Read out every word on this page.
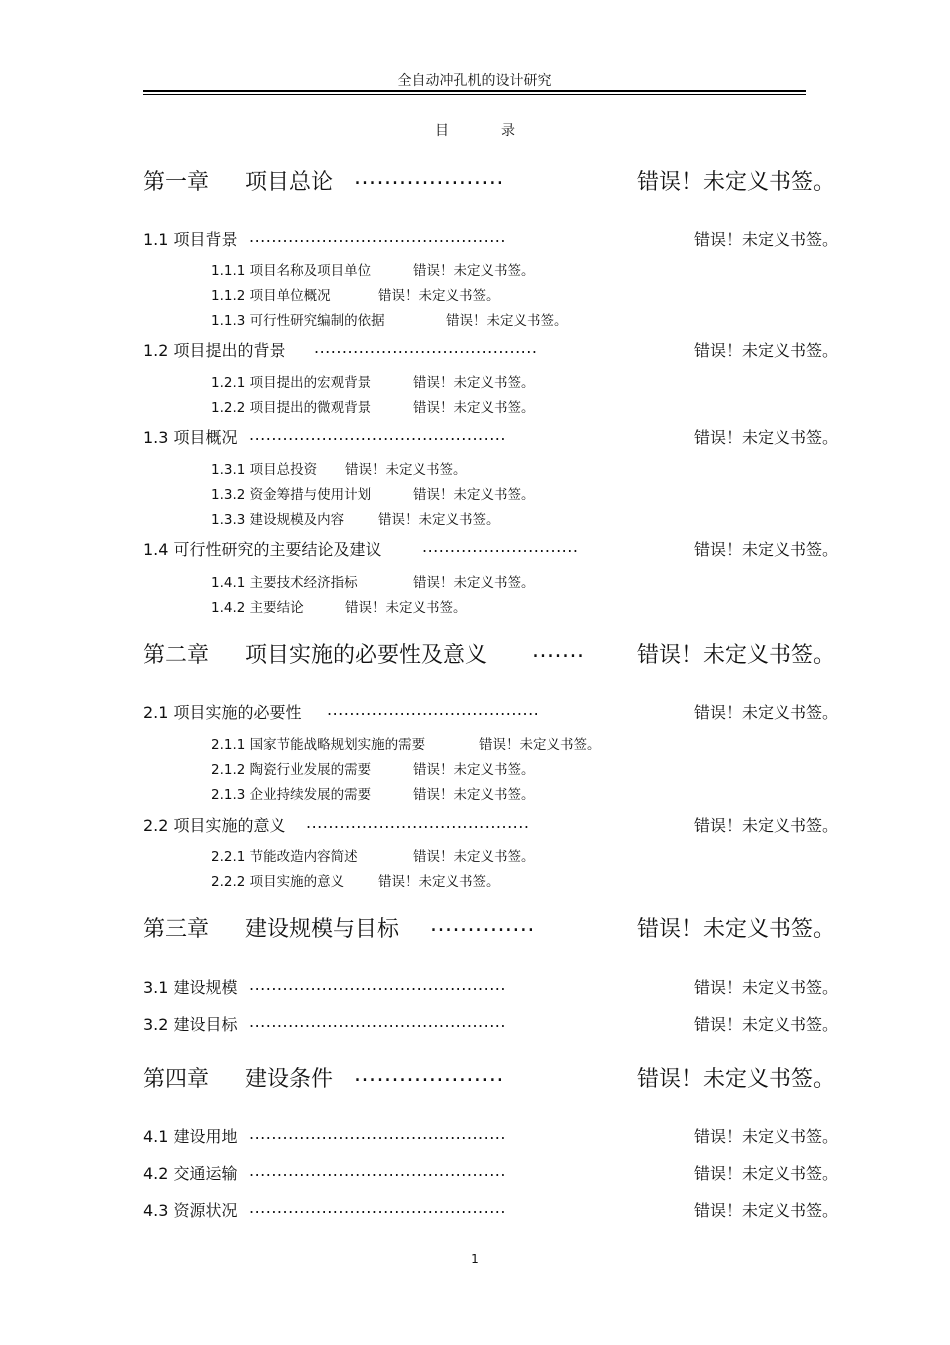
全自动冲孔机的设计研究
目录
第一章 项目总论 ....................	错误！未定义书签。
1.1 项目背景 ..............................................	错误！未定义书签。
1.1.1 项目名称及项目单位	错误！未定义书签。
1.1.2 项目单位概况	错误！未定义书签。
1.1.3 可行性研究编制的依据	错误！未定义书签。
1.2 项目提出的背景 ........................................	错误！未定义书签。
1.2.1 项目提出的宏观背景	错误！未定义书签。
1.2.2 项目提出的微观背景	错误！未定义书签。
1.3 项目概况 ..............................................	错误！未定义书签。
1.3.1 项目总投资 错误！未定义书签。
1.3.2 资金筹措与使用计划	错误！未定义书签。
1.3.3 建设规模及内容	错误！未定义书签。
1.4 可行性研究的主要结论及建议	............................	错误！未定义书签。
1.4.1 主要技术经济指标	错误！未定义书签。
1.4.2 主要结论	错误！未定义书签。
第二章 项目实施的必要性及意义 ....... 错误！未定义书签。
2.1 项目实施的必要性 ......................................	错误！未定义书签。
2.1.1 国家节能战略规划实施的需要	错误！未定义书签。
2.1.2 陶瓷行业发展的需要	错误！未定义书签。
2.1.3 企业持续发展的需要	错误！未定义书签。
2.2 项目实施的意义 ........................................	错误！未定义书签。
2.2.1 节能改造内容简述	错误！未定义书签。
2.2.2 项目实施的意义	错误！未定义书签。
第三章 建设规模与目标 ..............	错误！未定义书签。
3.1 建设规模 ..............................................	错误！未定义书签。
3.2 建设目标 ..............................................	错误！未定义书签。
第四章 建设条件 ....................	错误！未定义书签。
4.1 建设用地 ..............................................	错误！未定义书签。
4.2 交通运输 ..............................................	错误！未定义书签。
4.3 资源状况 ..............................................	错误！未定义书签。
1
